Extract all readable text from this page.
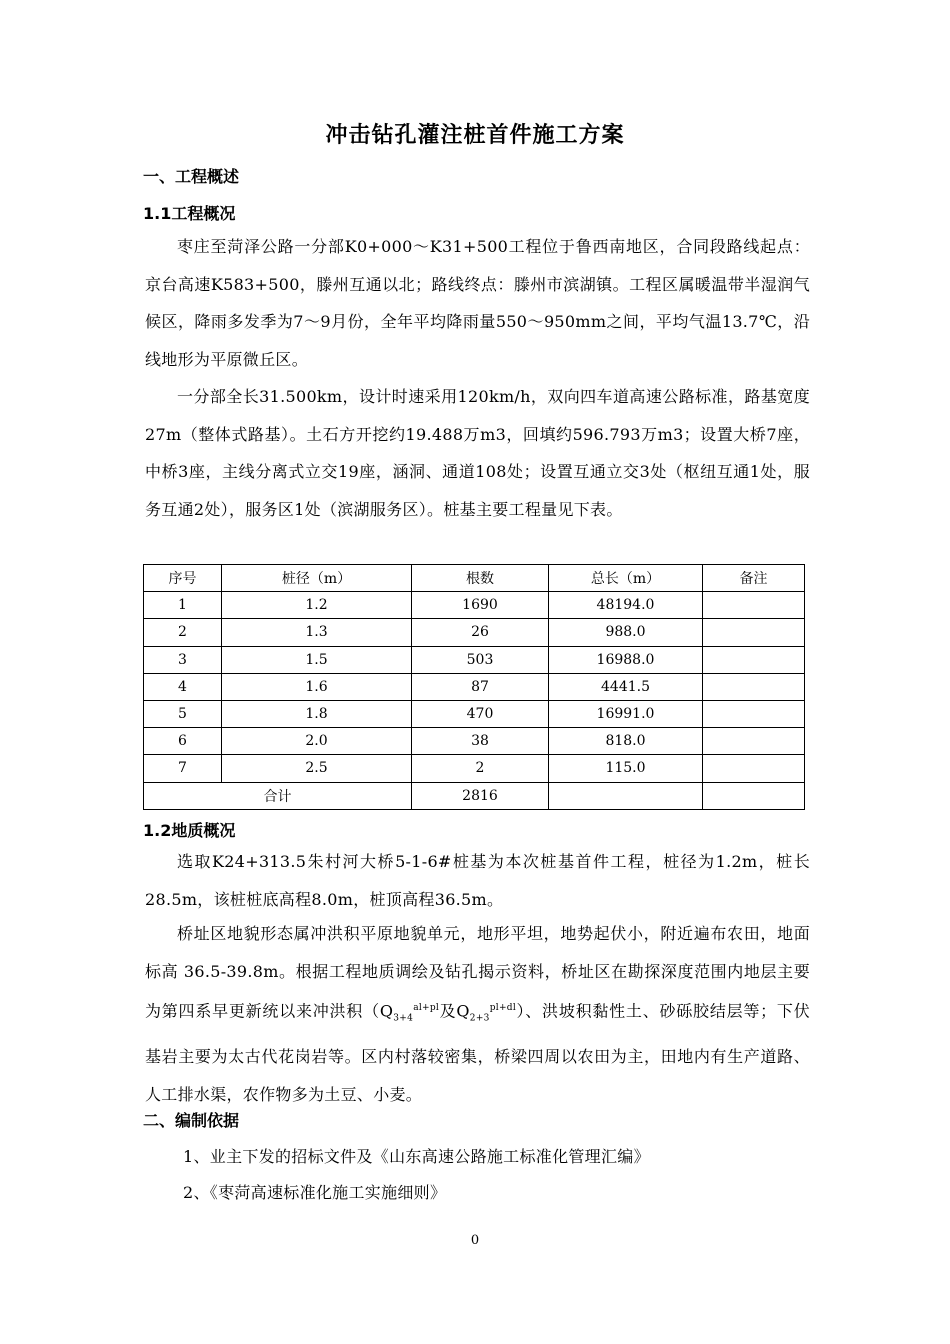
冲击钻孔灌注桩首件施工方案
一、工程概述
1.1工程概况
枣庄至菏泽公路一分部K0+000～K31+500工程位于鲁西南地区，合同段路线起点：京台高速K583+500，滕州互通以北；路线终点：滕州市滨湖镇。工程区属暖温带半湿润气候区，降雨多发季为7～9月份，全年平均降雨量550～950mm之间，平均气温13.7℃，沿线地形为平原微丘区。
一分部全长31.500km，设计时速采用120km/h，双向四车道高速公路标准，路基宽度27m（整体式路基）。土石方开挖约19.488万m3，回填约596.793万m3；设置大桥7座，中桥3座，主线分离式立交19座，涵洞、通道108处；设置互通立交3处（枢纽互通1处，服务互通2处），服务区1处（滨湖服务区）。桩基主要工程量见下表。
序号	桩径（m）	根数	总长（m）	备注
1	1.2	1690	48194.0	
2	1.3	26	988.0	
3	1.5	503	16988.0	
4	1.6	87	4441.5	
5	1.8	470	16991.0	
6	2.0	38	818.0	
7	2.5	2	115.0	
合计		2816		
1.2地质概况
选取K24+313.5朱村河大桥5-1-6#桩基为本次桩基首件工程，桩径为1.2m，桩长28.5m，该桩桩底高程8.0m，桩顶高程36.5m。
桥址区地貌形态属冲洪积平原地貌单元，地形平坦，地势起伏小，附近遍布农田，地面标高 36.5-39.8m。根据工程地质调绘及钻孔揭示资料，桥址区在勘探深度范围内地层主要为第四系早更新统以来冲洪积（$Q_{3+4}^{al+pl}$及$Q_{2+3}^{pl+dl}$）、洪坡积黏性土、砂砾胶结层等；下伏基岩主要为太古代花岗岩等。区内村落较密集，桥梁四周以农田为主，田地内有生产道路、人工排水渠，农作物多为土豆、小麦。
二、编制依据
1、业主下发的招标文件及《山东高速公路施工标准化管理汇编》
2、《枣菏高速标准化施工实施细则》
0
